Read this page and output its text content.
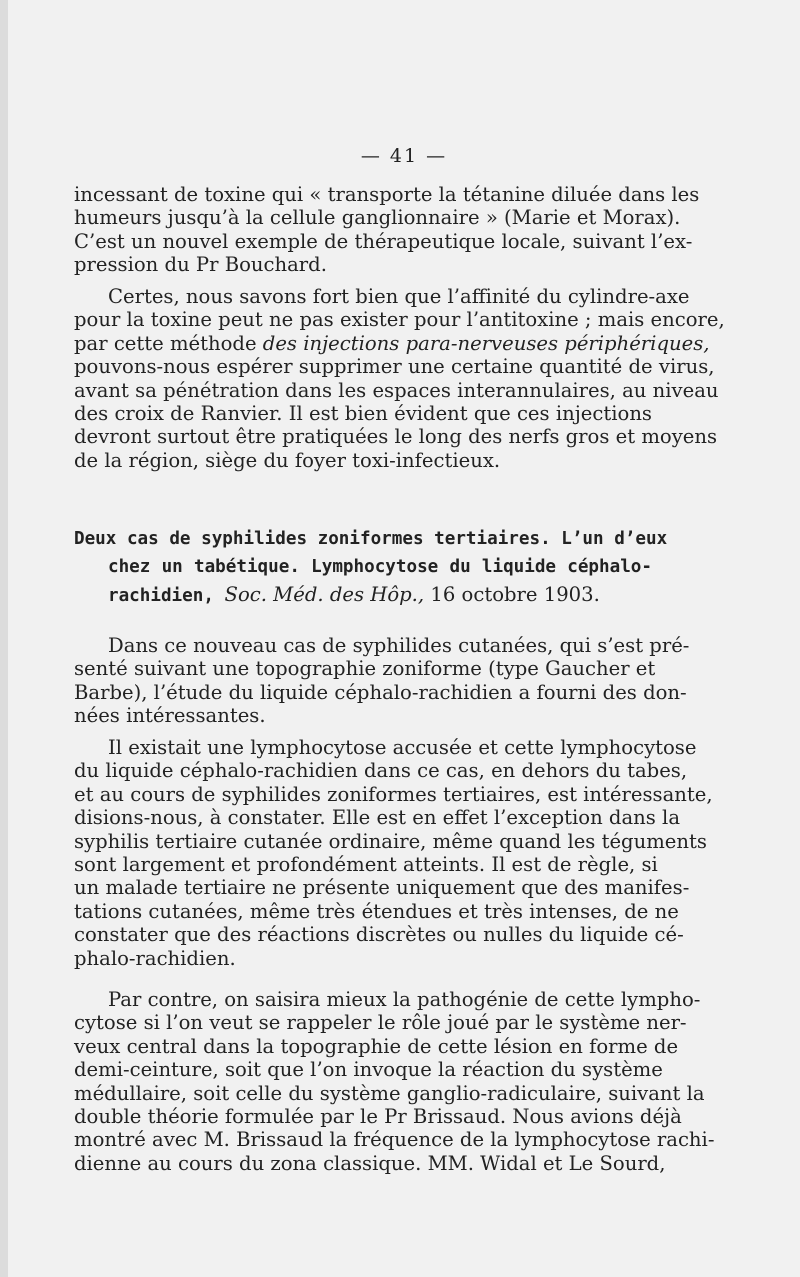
— 41 —
incessant de toxine qui « transporte la tétanine diluée dans les
humeurs jusqu’à la cellule ganglionnaire » (Marie et Morax).
C’est un nouvel exemple de thérapeutique locale, suivant l’ex-
pression du Pr Bouchard.
Certes, nous savons fort bien que l’affinité du cylindre-axe
pour la toxine peut ne pas exister pour l’antitoxine ; mais encore,
par cette méthode des injections para-nerveuses périphériques,
pouvons-nous espérer supprimer une certaine quantité de virus,
avant sa pénétration dans les espaces interannulaires, au niveau
des croix de Ranvier. Il est bien évident que ces injections
devront surtout être pratiquées le long des nerfs gros et moyens
de la région, siège du foyer toxi-infectieux.
Deux cas de syphilides zoniformes tertiaires. L’un d’eux
chez un tabétique. Lymphocytose du liquide céphalo-
rachidien, Soc. Méd. des Hôp., 16 octobre 1903.
Dans ce nouveau cas de syphilides cutanées, qui s’est pré-
senté suivant une topographie zoniforme (type Gaucher et
Barbe), l’étude du liquide céphalo-rachidien a fourni des don-
nées intéressantes.
Il existait une lymphocytose accusée et cette lymphocytose
du liquide céphalo-rachidien dans ce cas, en dehors du tabes,
et au cours de syphilides zoniformes tertiaires, est intéressante,
disions-nous, à constater. Elle est en effet l’exception dans la
syphilis tertiaire cutanée ordinaire, même quand les téguments
sont largement et profondément atteints. Il est de règle, si
un malade tertiaire ne présente uniquement que des manifes-
tations cutanées, même très étendues et très intenses, de ne
constater que des réactions discrètes ou nulles du liquide cé-
phalo-rachidien.
Par contre, on saisira mieux la pathogénie de cette lympho-
cytose si l’on veut se rappeler le rôle joué par le système ner-
veux central dans la topographie de cette lésion en forme de
demi-ceinture, soit que l’on invoque la réaction du système
médullaire, soit celle du système ganglio-radiculaire, suivant la
double théorie formulée par le Pr Brissaud. Nous avions déjà
montré avec M. Brissaud la fréquence de la lymphocytose rachi-
dienne au cours du zona classique. MM. Widal et Le Sourd,
